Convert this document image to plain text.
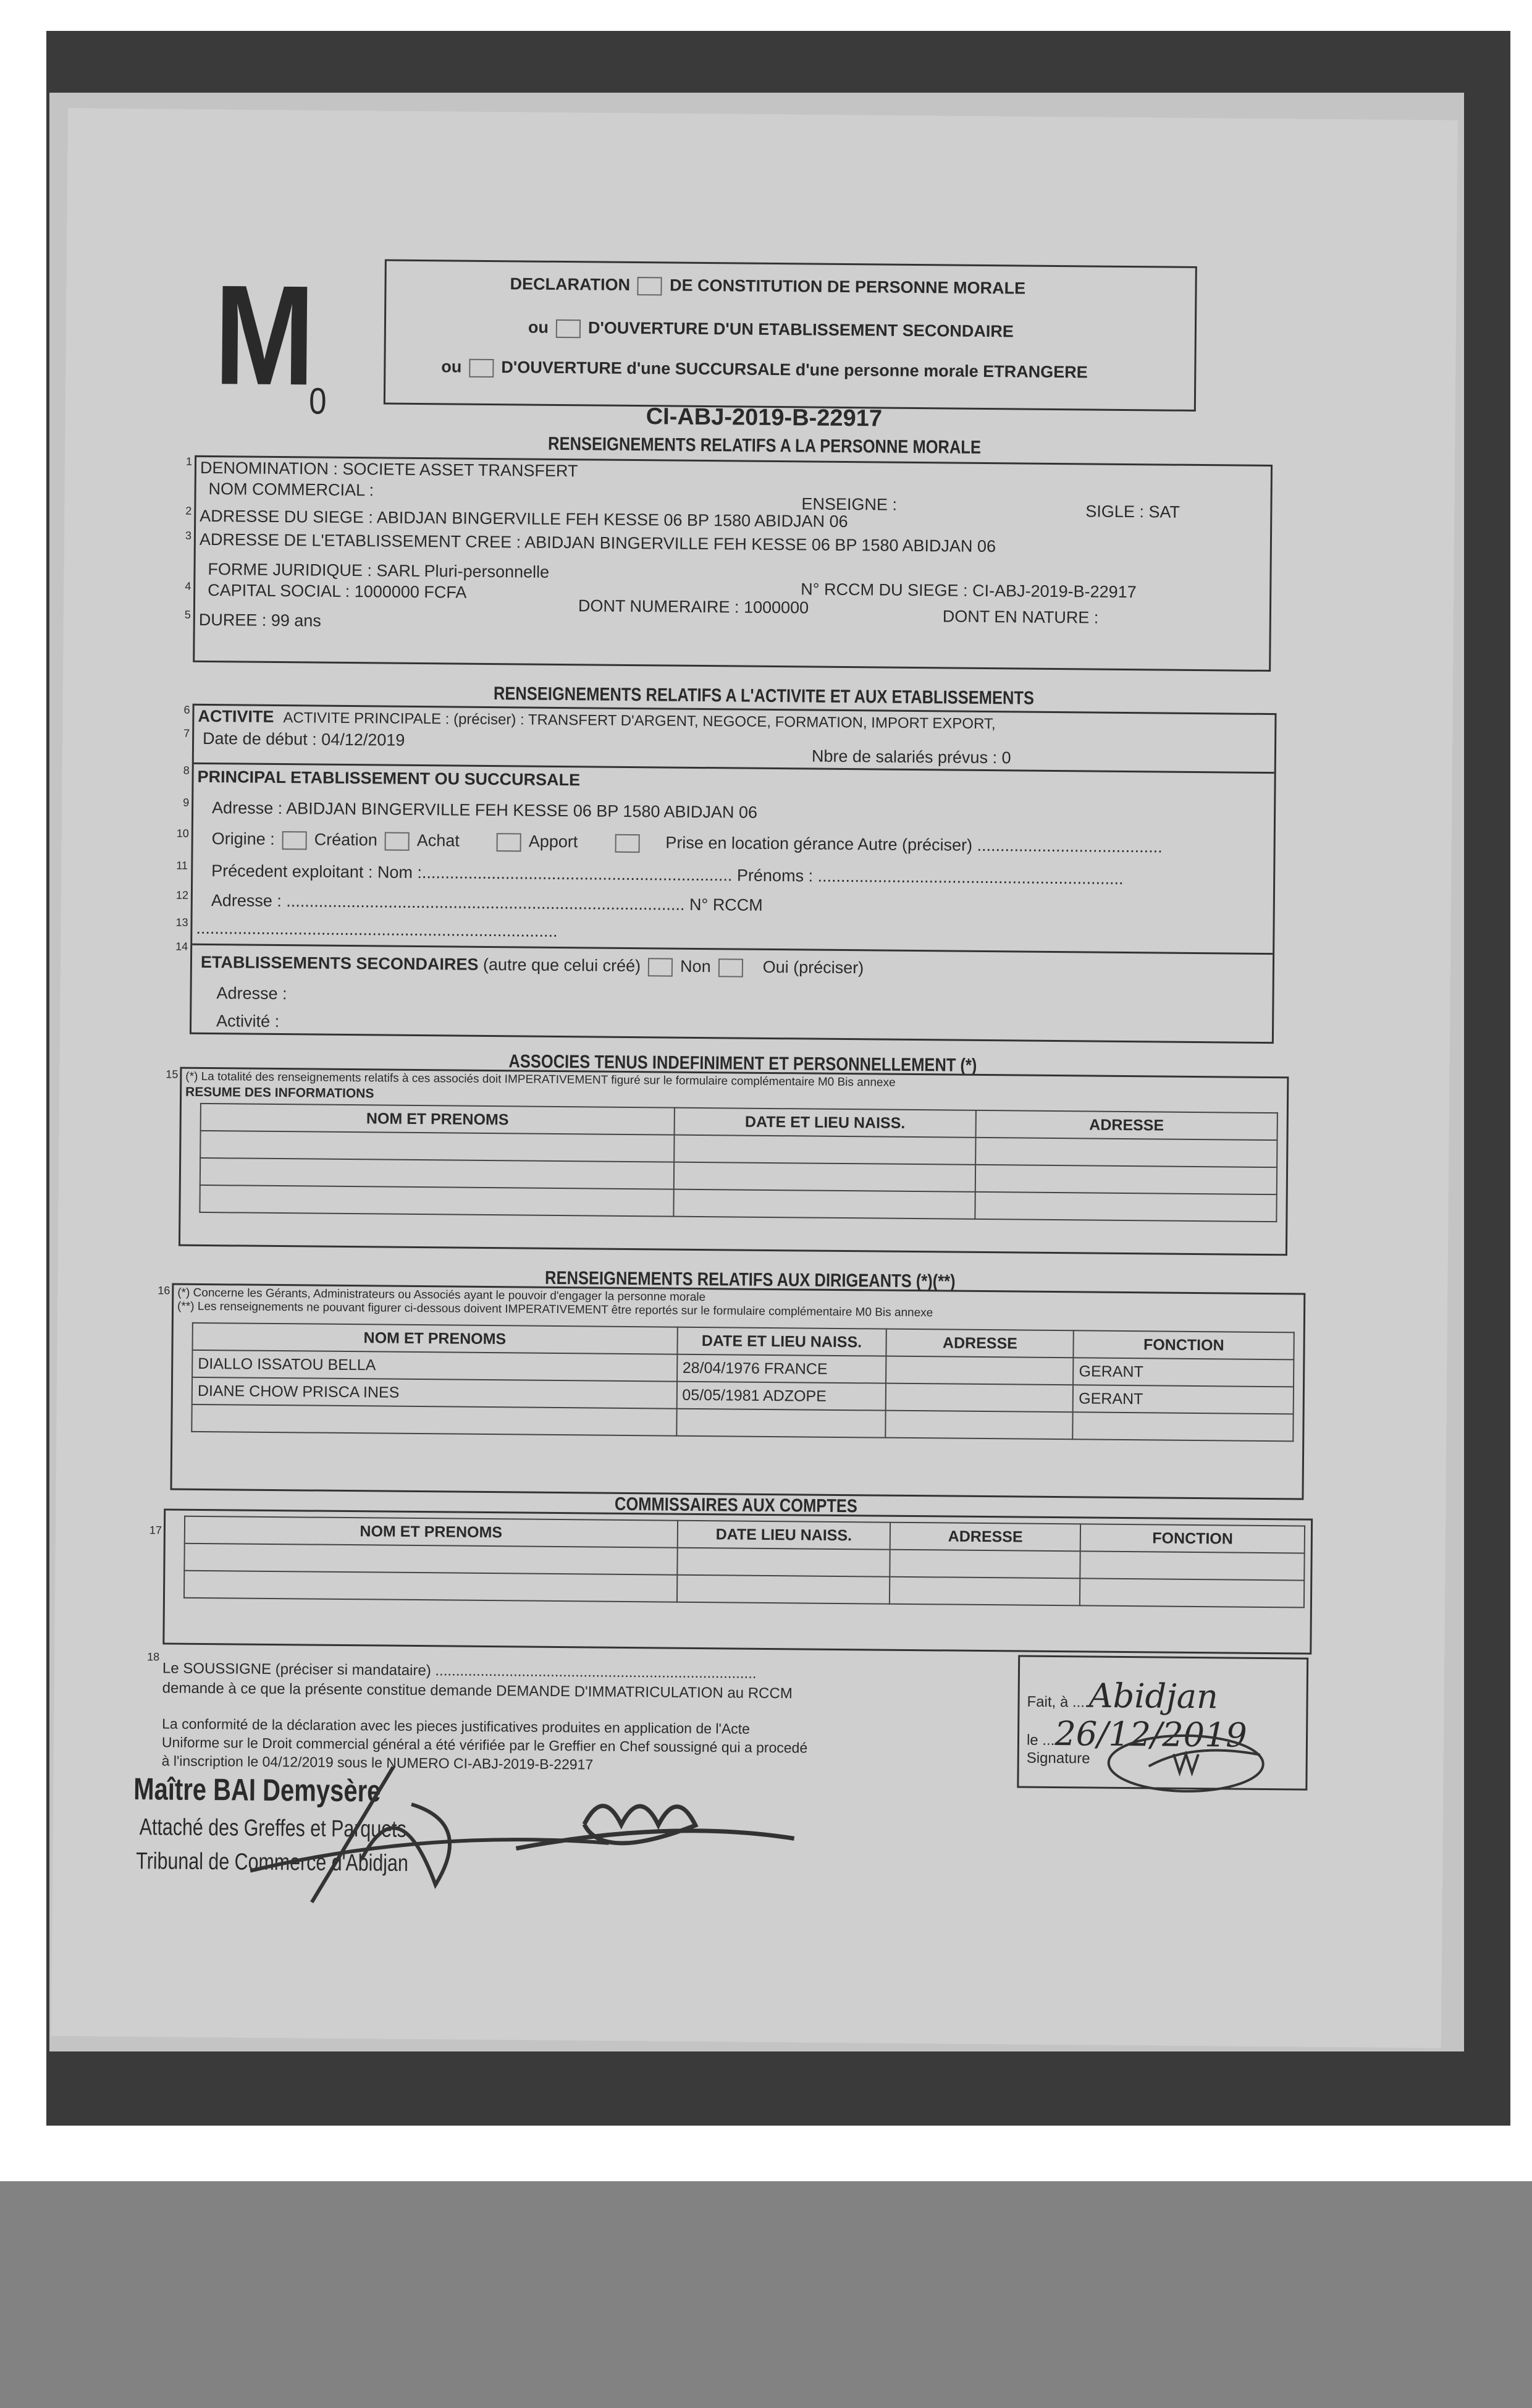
$M_0$
DECLARATION DE CONSTITUTION DE PERSONNE MORALE
ou D'OUVERTURE D'UN ETABLISSEMENT SECONDAIRE
ou D'OUVERTURE d'une SUCCURSALE d'une personne morale ETRANGERE
CI-ABJ-2019-B-22917
RENSEIGNEMENTS RELATIFS A LA PERSONNE MORALE
DENOMINATION : SOCIETE ASSET TRANSFERT
NOM COMMERCIAL :
ADRESSE DU SIEGE : ABIDJAN BINGERVILLE FEH KESSE 06 BP 1580 ABIDJAN 06
ENSEIGNE :	SIGLE : SAT
ADRESSE DE L'ETABLISSEMENT CREE : ABIDJAN BINGERVILLE FEH KESSE 06 BP 1580 ABIDJAN 06
FORME JURIDIQUE : SARL Pluri-personnelle
N° RCCM DU SIEGE : CI-ABJ-2019-B-22917
CAPITAL SOCIAL : 1000000 FCFA
DONT NUMERAIRE : 1000000	DONT EN NATURE :
DUREE : 99 ans
RENSEIGNEMENTS RELATIFS A L'ACTIVITE ET AUX ETABLISSEMENTS
ACTIVITE ACTIVITE PRINCIPALE : (préciser) : TRANSFERT D'ARGENT, NEGOCE, FORMATION, IMPORT EXPORT,
Date de début : 04/12/2019
Nbre de salariés prévus : 0
PRINCIPAL ETABLISSEMENT OU SUCCURSALE
Adresse : ABIDJAN BINGERVILLE FEH KESSE 06 BP 1580 ABIDJAN 06
Origine : Création Achat	Apport	Prise en location gérance Autre (préciser) ........................................
Précedent exploitant : Nom :................................................................... Prénoms : ..................................................................
Adresse : ...................................................................................... N° RCCM
..............................................................................
ETABLISSEMENTS SECONDAIRES (autre que celui créé) Non	Oui (préciser)
Adresse :
Activité :
ASSOCIES TENUS INDEFINIMENT ET PERSONNELLEMENT (*)
(*) La totalité des renseignements relatifs à ces associés doit IMPERATIVEMENT figuré sur le formulaire complémentaire M0 Bis annexe
RESUME DES INFORMATIONS
NOM ET PRENOMS	DATE ET LIEU NAISS.	ADRESSE

RENSEIGNEMENTS RELATIFS AUX DIRIGEANTS (*)(**)
(*) Concerne les Gérants, Administrateurs ou Associés ayant le pouvoir d'engager la personne morale
(**) Les renseignements ne pouvant figurer ci-dessous doivent IMPERATIVEMENT être reportés sur le formulaire complémentaire M0 Bis annexe
NOM ET PRENOMS	DATE ET LIEU NAISS.	ADRESSE	FONCTION
DIALLO ISSATOU BELLA	28/04/1976 FRANCE		GERANT
DIANE CHOW PRISCA INES	05/05/1981 ADZOPE		GERANT

COMMISSAIRES AUX COMPTES
NOM ET PRENOMS	DATE LIEU NAISS.	ADRESSE	FONCTION

Le SOUSSIGNE (préciser si mandataire) ..............................................................................
demande à ce que la présente constitue demande DEMANDE D'IMMATRICULATION au RCCM
La conformité de la déclaration avec les pieces justificatives produites en application de l'Acte
Uniforme sur le Droit commercial général a été vérifiée par le Greffier en Chef soussigné qui a procedé
à l'inscription le 04/12/2019 sous le NUMERO CI-ABJ-2019-B-22917
Maître BAI Demysère
Attaché des Greffes et Parquets
Tribunal de Commerce d'Abidjan
Fait, à ....Abidjan
le ...26/12/2019
Signature
1
2
3
4
5
6
7
8
9
10
11
12
13
14
15
16
17
18
